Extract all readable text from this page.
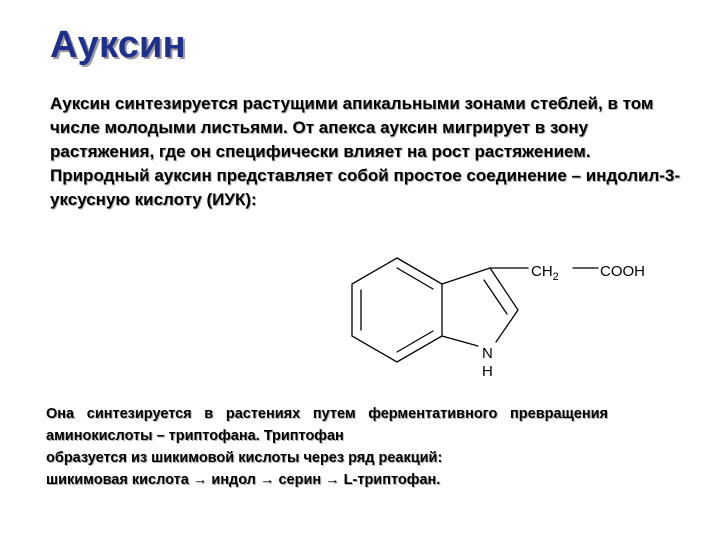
Ауксин

Ауксин синтезируется растущими апикальными зонами стеблей, в том числе молодыми листьями. От апекса ауксин мигрирует в зону растяжения, где он специфически влияет на рост растяжением.

Природный ауксин представляет собой простое соединение – индолил-3-уксусную кислоту (ИУК):

$CH_2$	COOH
N
H

Она синтезируется в растениях путем ферментативного превращения аминокислоты – триптофана. Триптофан

образуется из шикимовой кислоты через ряд реакций:

шикимовая кислота → индол → серин → L-триптофан.
